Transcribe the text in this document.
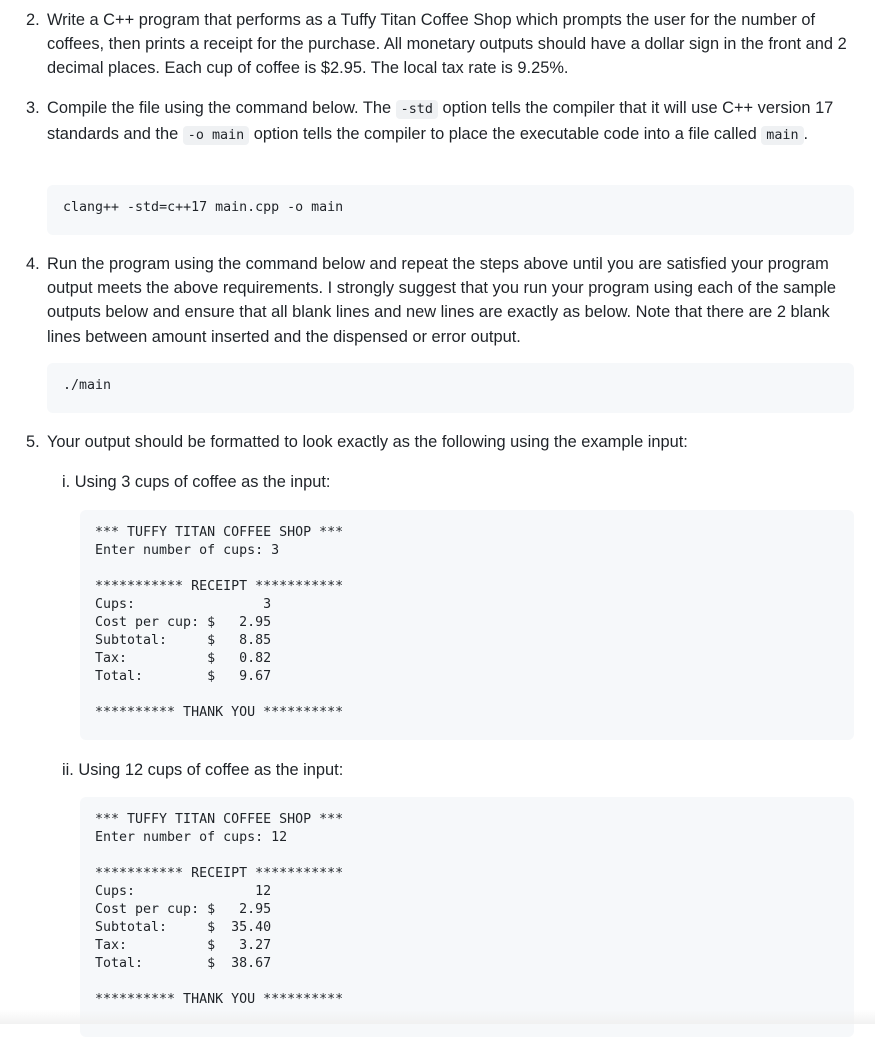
2. Write a C++ program that performs as a Tuffy Titan Coffee Shop which prompts the user for the number of coffees, then prints a receipt for the purchase. All monetary outputs should have a dollar sign in the front and 2 decimal places. Each cup of coffee is $2.95. The local tax rate is 9.25%.
3. Compile the file using the command below. The -std option tells the compiler that it will use C++ version 17 standards and the -o main option tells the compiler to place the executable code into a file called main .
clang++ -std=c++17 main.cpp -o main
4. Run the program using the command below and repeat the steps above until you are satisfied your program output meets the above requirements. I strongly suggest that you run your program using each of the sample outputs below and ensure that all blank lines and new lines are exactly as below. Note that there are 2 blank lines between amount inserted and the dispensed or error output.
./main
5. Your output should be formatted to look exactly as the following using the example input:

i. Using 3 cups of coffee as the input:

*** TUFFY TITAN COFFEE SHOP ***
Enter number of cups: 3

*********** RECEIPT ***********
Cups:                3
Cost per cup: $   2.95
Subtotal:     $   8.85
Tax:          $   0.82
Total:        $   9.67

********** THANK YOU **********

ii. Using 12 cups of coffee as the input:

*** TUFFY TITAN COFFEE SHOP ***
Enter number of cups: 12

*********** RECEIPT ***********
Cups:               12
Cost per cup: $   2.95
Subtotal:     $  35.40
Tax:          $   3.27
Total:        $  38.67

********** THANK YOU **********
